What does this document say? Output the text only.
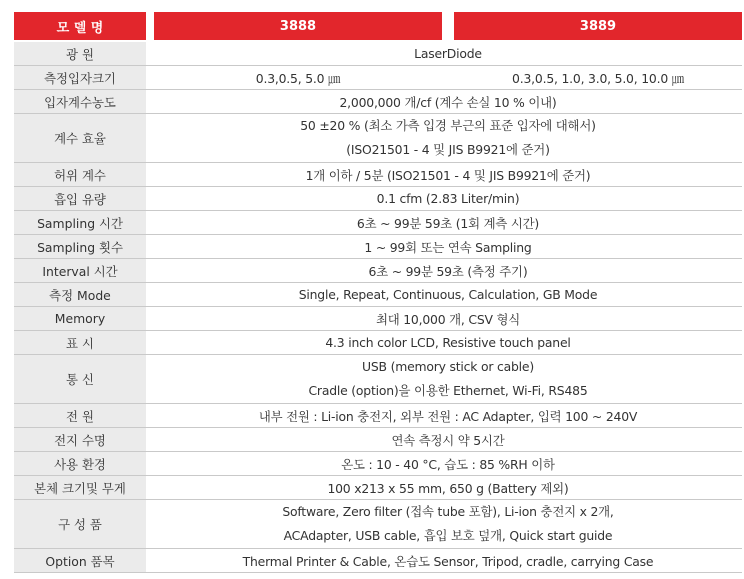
모 델 명		3888		3889
광 원		LaserDiode		
측정입자크기		0.3,0.5, 5.0 ㎛		0.3,0.5, 1.0, 3.0, 5.0, 10.0 ㎛
입자계수농도		2,000,000 개/cf (계수 손실 10 % 이내)		
계수 효율		50 ±20 % (최소 가측 입경 부근의 표준 입자에 대해서)
(ISO21501 - 4 및 JIS B9921에 준거)		

허위 계수		1개 이하 / 5분 (ISO21501 - 4 및 JIS B9921에 준거)		
흡입 유량		0.1 cfm (2.83 Liter/min)		
Sampling 시간		6초 ~ 99분 59초 (1회 계측 시간)		
Sampling 횟수		1 ~ 99회 또는 연속 Sampling		
Interval 시간		6초 ~ 99분 59초 (측정 주기)		
측정 Mode		Single, Repeat, Continuous, Calculation, GB Mode		
Memory		최대 10,000 개, CSV 형식		
표 시		4.3 inch color LCD, Resistive touch panel		
통 신		USB (memory stick or cable)
Cradle (option)을 이용한 Ethernet, Wi-Fi, RS485		

전 원		내부 전원 : Li-ion 충전지, 외부 전원 : AC Adapter, 입력 100 ~ 240V		
전지 수명		연속 측정시 약 5시간		
사용 환경		온도 : 10 - 40 °C, 습도 : 85 %RH 이하		
본체 크기및 무게		100 x213 x 55 mm, 650 g (Battery 제외)		
구 성 품		Software, Zero filter (접속 tube 포함), Li-ion 충전지 x 2개,
ACAdapter, USB cable, 흡입 보호 덮개, Quick start guide		

Option 품목		Thermal Printer & Cable, 온습도 Sensor, Tripod, cradle, carrying Case		
